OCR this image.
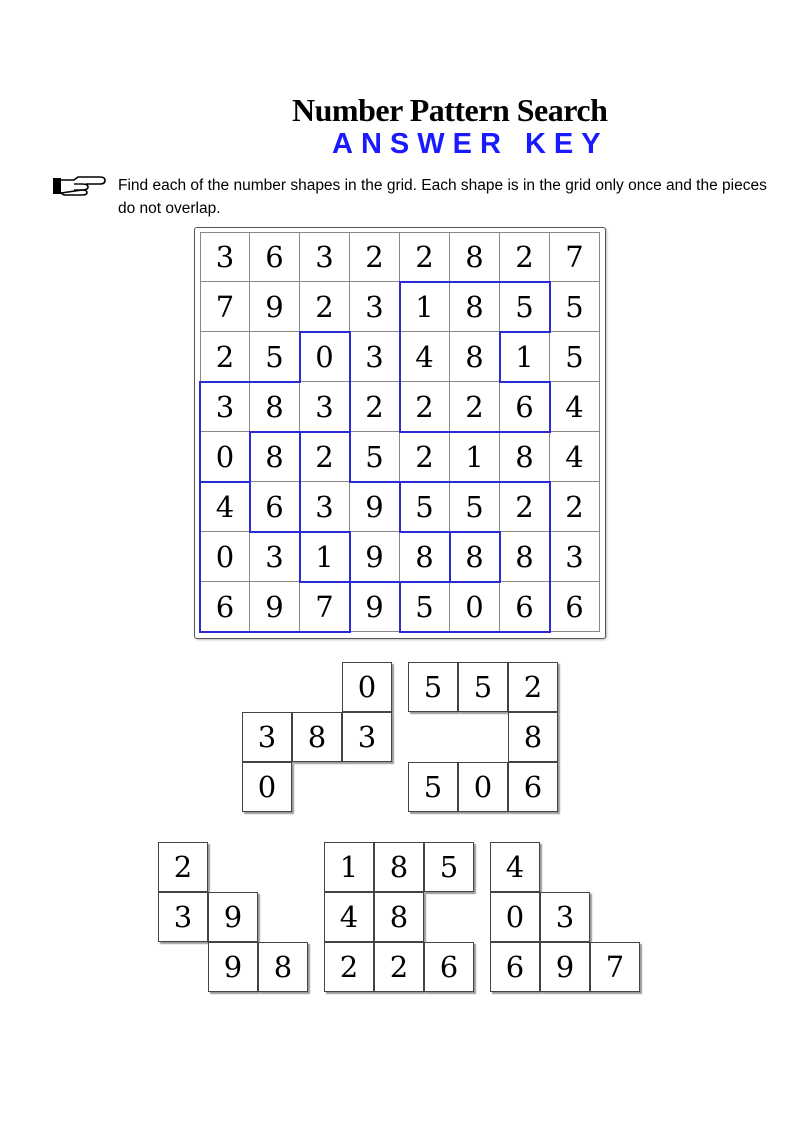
Number Pattern Search
ANSWER KEY
Find each of the number shapes in the grid. Each shape is in the grid only once and the pieces do not overlap.
3	6	3	2	2	8	2	7
7	9	2	3	1	8	5	5
2	5	0	3	4	8	1	5
3	8	3	2	2	2	6	4
0	8	2	5	2	1	8	4
4	6	3	9	5	5	2	2
0	3	1	9	8	8	8	3
6	9	7	9	5	0	6	6
0
3	8	3
0
5	5	2
8
5	0	6
2
3	9
9	8
1	8	5
4	8
2	2	6
4
0	3
6	9	7
